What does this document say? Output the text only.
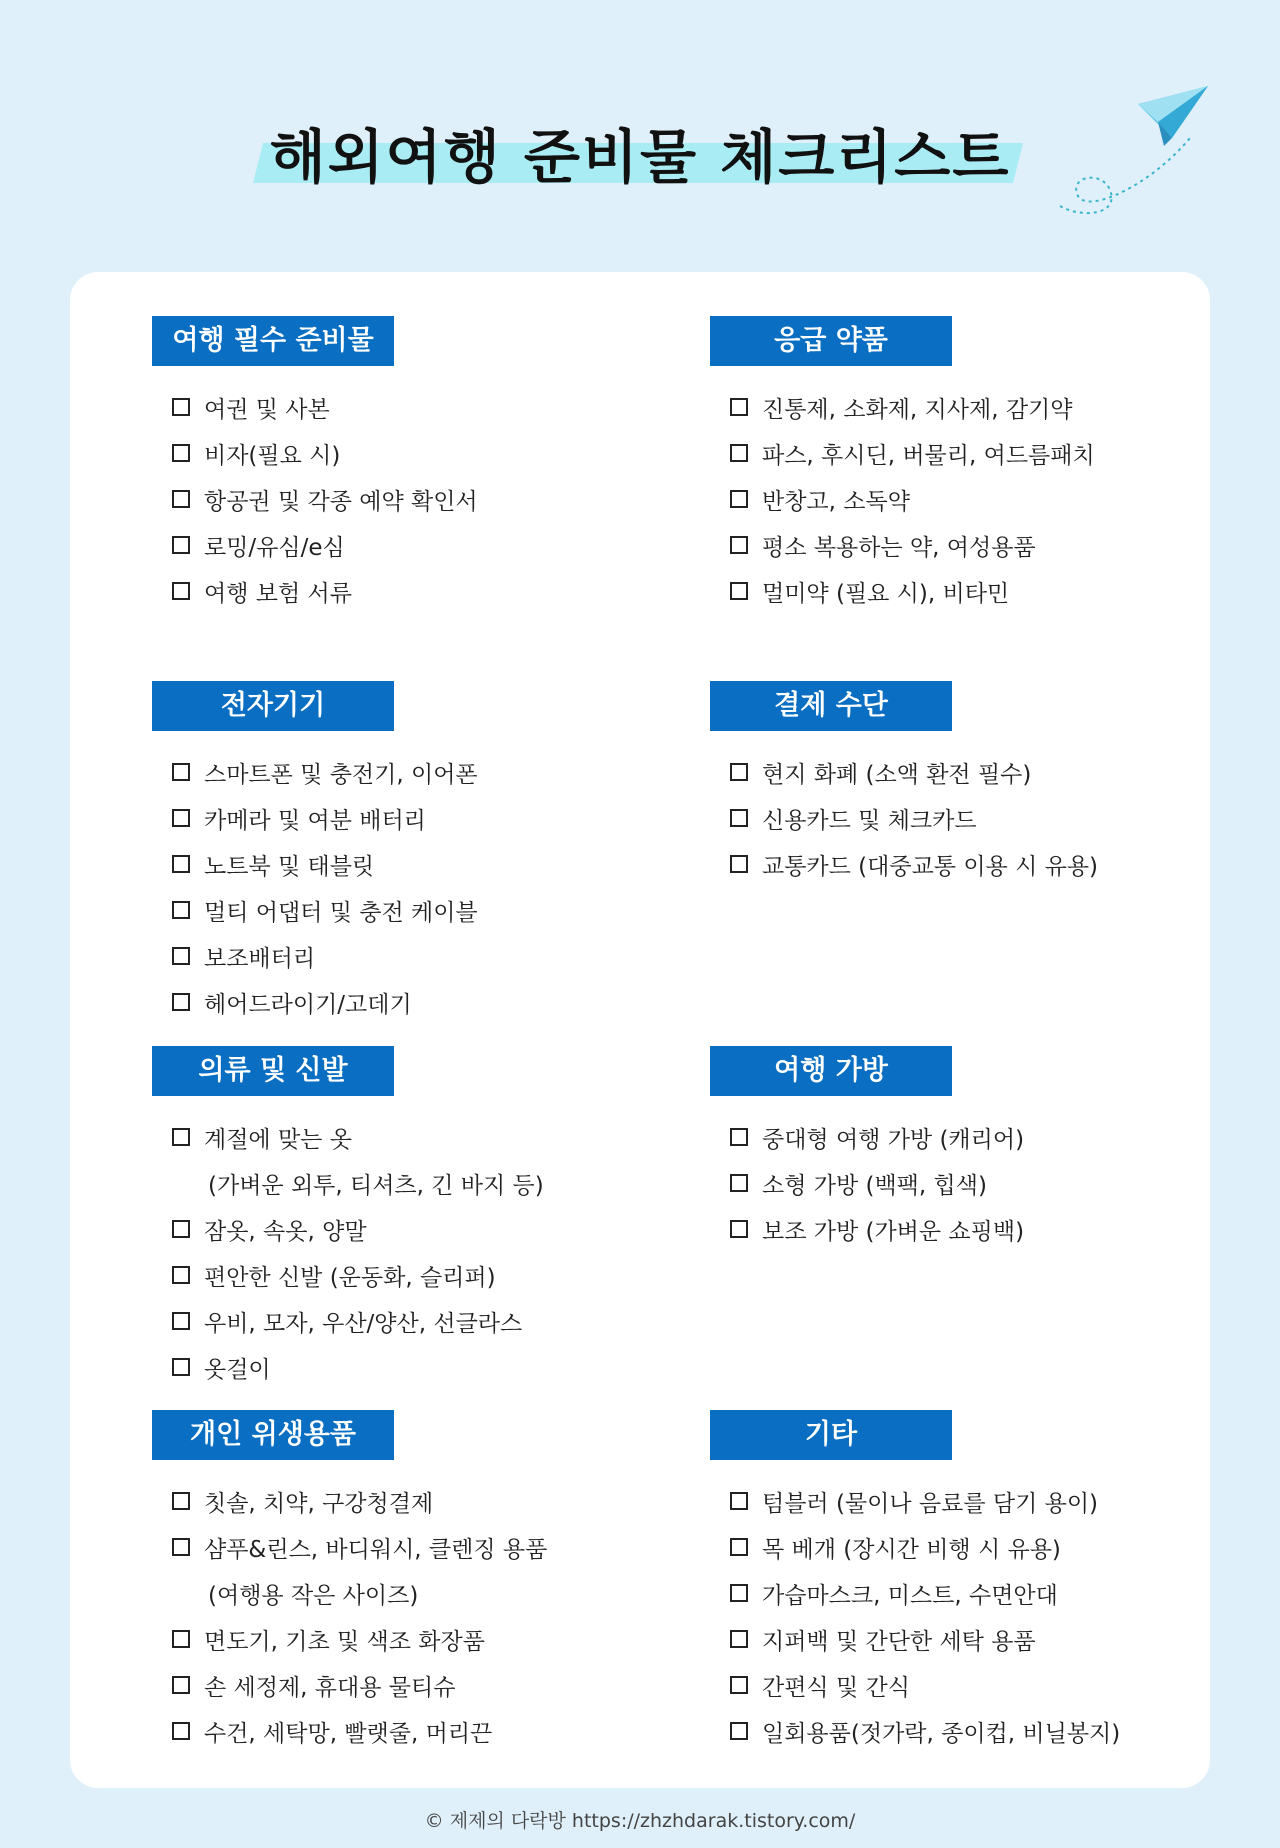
해외여행 준비물 체크리스트
여행 필수 준비물
여권 및 사본
비자(필요 시)
항공권 및 각종 예약 확인서
로밍/유심/e심
여행 보험 서류
응급 약품
진통제, 소화제, 지사제, 감기약
파스, 후시딘, 버물리, 여드름패치
반창고, 소독약
평소 복용하는 약, 여성용품
멀미약 (필요 시), 비타민
전자기기
스마트폰 및 충전기, 이어폰
카메라 및 여분 배터리
노트북 및 태블릿
멀티 어댑터 및 충전 케이블
보조배터리
헤어드라이기/고데기
결제 수단
현지 화폐 (소액 환전 필수)
신용카드 및 체크카드
교통카드 (대중교통 이용 시 유용)
의류 및 신발
계절에 맞는 옷
(가벼운 외투, 티셔츠, 긴 바지 등)
잠옷, 속옷, 양말
편안한 신발 (운동화, 슬리퍼)
우비, 모자, 우산/양산, 선글라스
옷걸이
여행 가방
중대형 여행 가방 (캐리어)
소형 가방 (백팩, 힙색)
보조 가방 (가벼운 쇼핑백)
개인 위생용품
칫솔, 치약, 구강청결제
샴푸&린스, 바디워시, 클렌징 용품
(여행용 작은 사이즈)
면도기, 기초 및 색조 화장품
손 세정제, 휴대용 물티슈
수건, 세탁망, 빨랫줄, 머리끈
기타
텀블러 (물이나 음료를 담기 용이)
목 베개 (장시간 비행 시 유용)
가습마스크, 미스트, 수면안대
지퍼백 및 간단한 세탁 용품
간편식 및 간식
일회용품(젓가락, 종이컵, 비닐봉지)
© 제제의 다락방 https://zhzhdarak.tistory.com/
